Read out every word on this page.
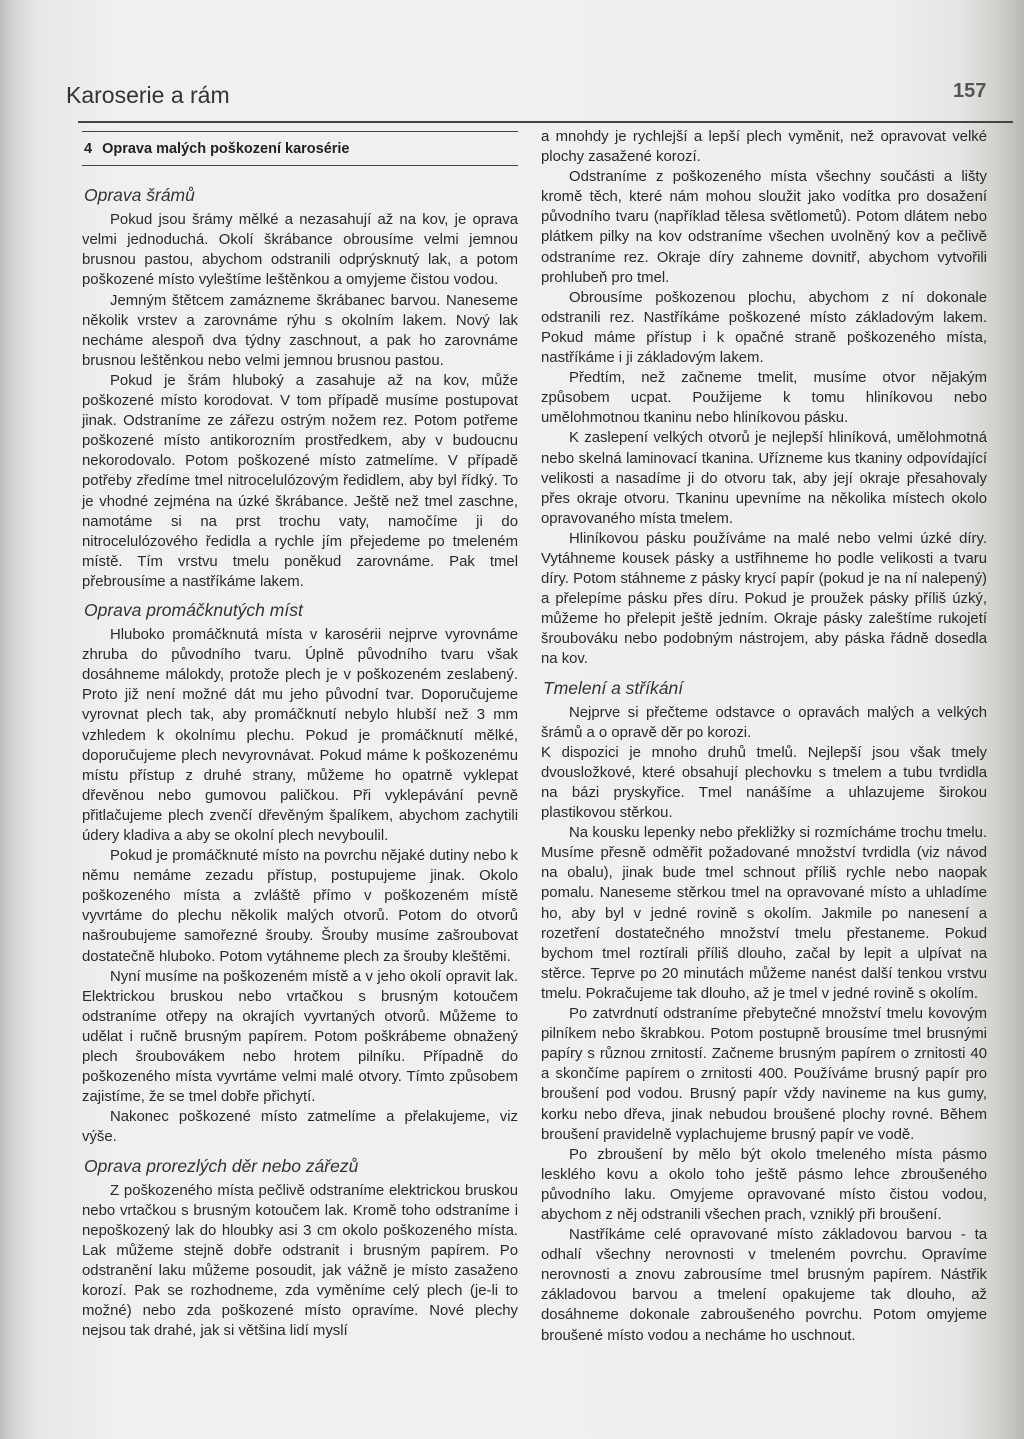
Karoserie a rám	157
4 Oprava malých poškození karosérie
Oprava šrámů

Pokud jsou šrámy mělké a nezasahují až na kov, je oprava velmi jednoduchá. Okolí škrábance obrousíme velmi jemnou brusnou pastou, abychom odstranili odprýsknutý lak, a potom poškozené místo vyleštíme leštěnkou a omyjeme čistou vodou.

Jemným štětcem zamázneme škrábanec barvou. Naneseme několik vrstev a zarovnáme rýhu s okolním lakem. Nový lak necháme alespoň dva týdny zaschnout, a pak ho zarovnáme brusnou leštěnkou nebo velmi jemnou brusnou pastou.

Pokud je šrám hluboký a zasahuje až na kov, může poškozené místo korodovat. V tom případě musíme postupovat jinak. Odstraníme ze zářezu ostrým nožem rez. Potom potřeme poškozené místo antikorozním prostředkem, aby v budoucnu nekorodovalo. Potom poškozené místo zatmelíme. V případě potřeby zředíme tmel nitrocelulózovým ředidlem, aby byl řídký. To je vhodné zejména na úzké škrábance. Ještě než tmel zaschne, namotáme si na prst trochu vaty, namočíme ji do nitrocelulózového ředidla a rychle jím přejedeme po tmeleném místě. Tím vrstvu tmelu poněkud zarovnáme. Pak tmel přebrousíme a nastříkáme lakem.

Oprava promáčknutých míst

Hluboko promáčknutá místa v karosérii nejprve vyrovnáme zhruba do původního tvaru. Úplně původního tvaru však dosáhneme málokdy, protože plech je v poškozeném zeslabený. Proto již není možné dát mu jeho původní tvar. Doporučujeme vyrovnat plech tak, aby promáčknutí nebylo hlubší než 3 mm vzhledem k okolnímu plechu. Pokud je promáčknutí mělké, doporučujeme plech nevyrovnávat. Pokud máme k poškozenému místu přístup z druhé strany, můžeme ho opatrně vyklepat dřevěnou nebo gumovou paličkou. Při vyklepávání pevně přitlačujeme plech zvenčí dřevěným špalíkem, abychom zachytili údery kladiva a aby se okolní plech nevyboulil.

Pokud je promáčknuté místo na povrchu nějaké dutiny nebo k němu nemáme zezadu přístup, postupujeme jinak. Okolo poškozeného místa a zvláště přímo v poškozeném místě vyvrtáme do plechu několik malých otvorů. Potom do otvorů našroubujeme samořezné šrouby. Šrouby musíme zašroubovat dostatečně hluboko. Potom vytáhneme plech za šrouby kleštěmi.

Nyní musíme na poškozeném místě a v jeho okolí opravit lak. Elektrickou bruskou nebo vrtačkou s brusným kotoučem odstraníme otřepy na okrajích vyvrtaných otvorů. Můžeme to udělat i ručně brusným papírem. Potom poškrábeme obnažený plech šroubovákem nebo hrotem pilníku. Případně do poškozeného místa vyvrtáme velmi malé otvory. Tímto způsobem zajistíme, že se tmel dobře přichytí.

Nakonec poškozené místo zatmelíme a přelakujeme, viz výše.

Oprava prorezlých děr nebo zářezů

Z poškozeného místa pečlivě odstraníme elektrickou bruskou nebo vrtačkou s brusným kotoučem lak. Kromě toho odstraníme i nepoškozený lak do hloubky asi 3 cm okolo poškozeného místa. Lak můžeme stejně dobře odstranit i brusným papírem. Po odstranění laku můžeme posoudit, jak vážně je místo zasaženo korozí. Pak se rozhodneme, zda vyměníme celý plech (je-li to možné) nebo zda poškozené místo opravíme. Nové plechy nejsou tak drahé, jak si většina lidí myslí

a mnohdy je rychlejší a lepší plech vyměnit, než opravovat velké plochy zasažené korozí.

Odstraníme z poškozeného místa všechny součásti a lišty kromě těch, které nám mohou sloužit jako vodítka pro dosažení původního tvaru (například tělesa světlometů). Potom dlátem nebo plátkem pilky na kov odstraníme všechen uvolněný kov a pečlivě odstraníme rez. Okraje díry zahneme dovnitř, abychom vytvořili prohlubeň pro tmel.

Obrousíme poškozenou plochu, abychom z ní dokonale odstranili rez. Nastříkáme poškozené místo základovým lakem. Pokud máme přístup i k opačné straně poškozeného místa, nastříkáme i ji základovým lakem.

Předtím, než začneme tmelit, musíme otvor nějakým způsobem ucpat. Použijeme k tomu hliníkovou nebo umělohmotnou tkaninu nebo hliníkovou pásku.

K zaslepení velkých otvorů je nejlepší hliníková, umělohmotná nebo skelná laminovací tkanina. Uřízneme kus tkaniny odpovídající velikosti a nasadíme ji do otvoru tak, aby její okraje přesahovaly přes okraje otvoru. Tkaninu upevníme na několika místech okolo opravovaného místa tmelem.

Hliníkovou pásku používáme na malé nebo velmi úzké díry. Vytáhneme kousek pásky a ustřihneme ho podle velikosti a tvaru díry. Potom stáhneme z pásky krycí papír (pokud je na ní nalepený) a přelepíme pásku přes díru. Pokud je proužek pásky příliš úzký, můžeme ho přelepit ještě jedním. Okraje pásky zaleštíme rukojetí šroubováku nebo podobným nástrojem, aby páska řádně dosedla na kov.

Tmelení a stříkání

Nejprve si přečteme odstavce o opravách malých a velkých šrámů a o opravě děr po korozi.

K dispozici je mnoho druhů tmelů. Nejlepší jsou však tmely dvousložkové, které obsahují plechovku s tmelem a tubu tvrdidla na bázi pryskyřice. Tmel nanášíme a uhlazujeme širokou plastikovou stěrkou.

Na kousku lepenky nebo překližky si rozmícháme trochu tmelu. Musíme přesně odměřit požadované množství tvrdidla (viz návod na obalu), jinak bude tmel schnout příliš rychle nebo naopak pomalu. Naneseme stěrkou tmel na opravované místo a uhladíme ho, aby byl v jedné rovině s okolím. Jakmile po nanesení a rozetření dostatečného množství tmelu přestaneme. Pokud bychom tmel roztírali příliš dlouho, začal by lepit a ulpívat na stěrce. Teprve po 20 minutách můžeme nanést další tenkou vrstvu tmelu. Pokračujeme tak dlouho, až je tmel v jedné rovině s okolím.

Po zatvrdnutí odstraníme přebytečné množství tmelu kovovým pilníkem nebo škrabkou. Potom postupně brousíme tmel brusnými papíry s různou zrnitostí. Začneme brusným papírem o zrnitosti 40 a skončíme papírem o zrnitosti 400. Používáme brusný papír pro broušení pod vodou. Brusný papír vždy navineme na kus gumy, korku nebo dřeva, jinak nebudou broušené plochy rovné. Během broušení pravidelně vyplachujeme brusný papír ve vodě.

Po zbroušení by mělo být okolo tmeleného místa pásmo lesklého kovu a okolo toho ještě pásmo lehce zbroušeného původního laku. Omyjeme opravované místo čistou vodou, abychom z něj odstranili všechen prach, vzniklý při broušení.

Nastříkáme celé opravované místo základovou barvou - ta odhalí všechny nerovnosti v tmeleném povrchu. Opravíme nerovnosti a znovu zabrousíme tmel brusným papírem. Nástřik základovou barvou a tmelení opakujeme tak dlouho, až dosáhneme dokonale zabroušeného povrchu. Potom omyjeme broušené místo vodou a necháme ho uschnout.
